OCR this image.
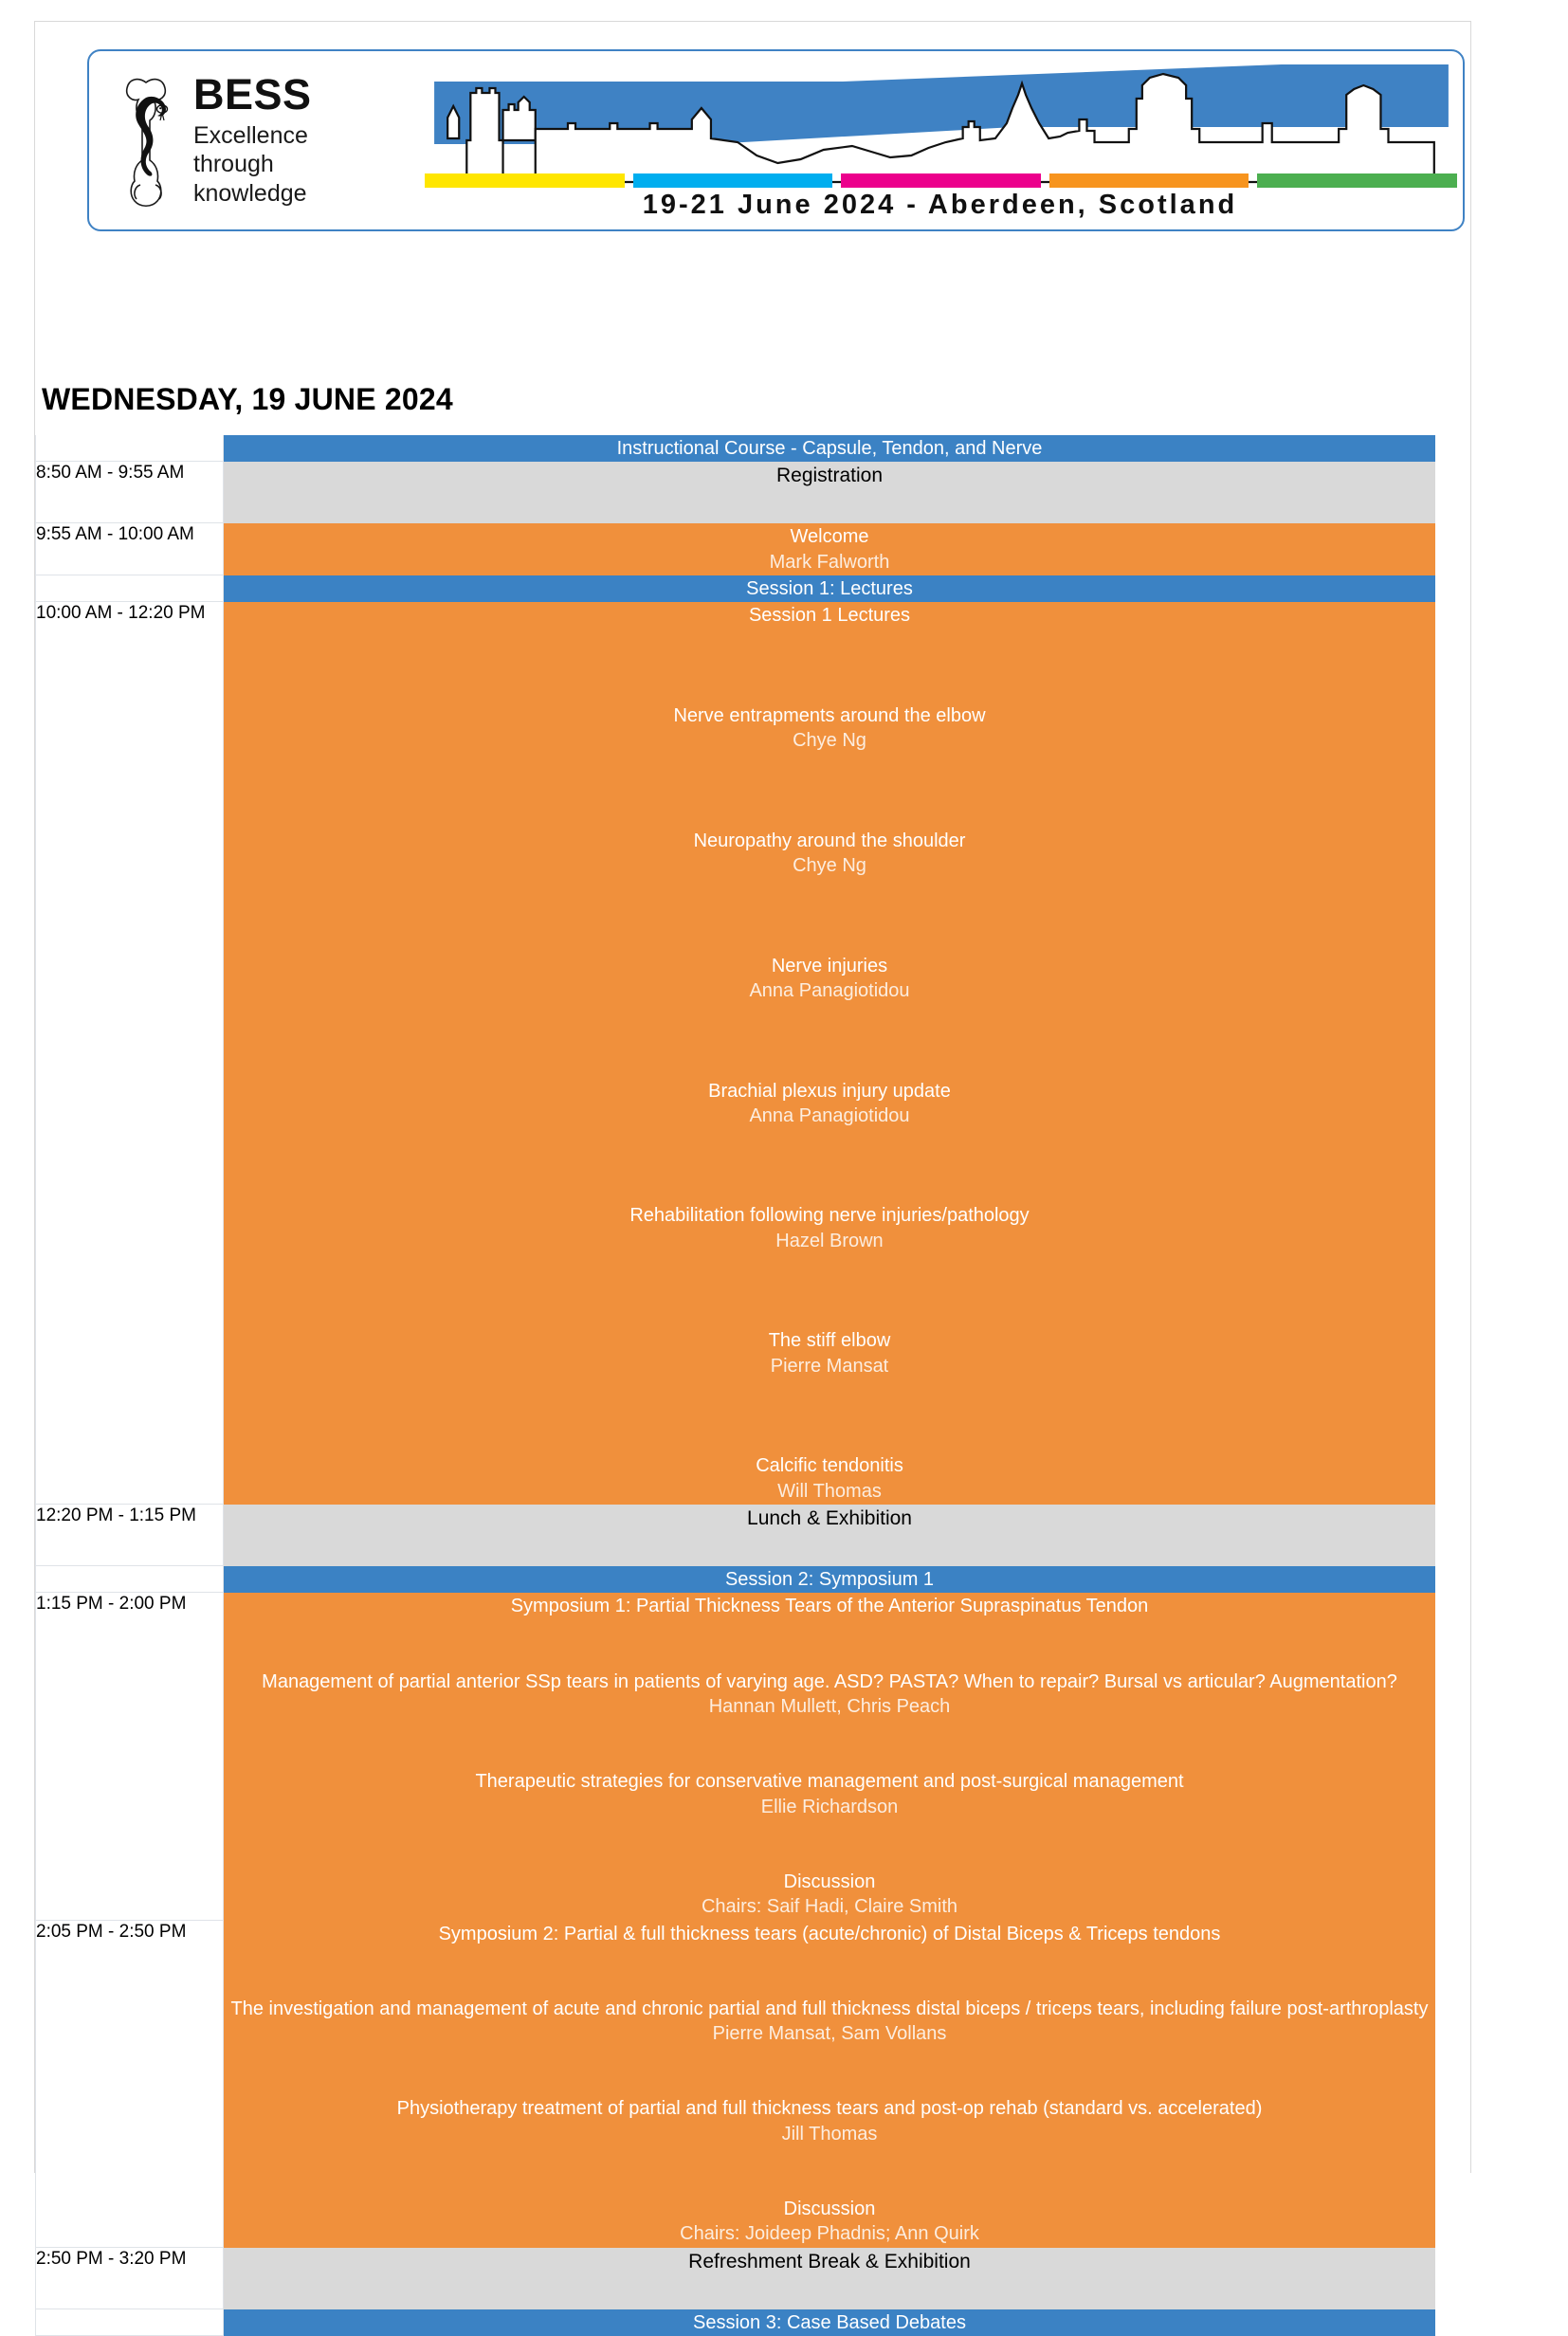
BESS
Excellence
through
knowledge	19-21 June 2024 - Aberdeen, Scotland
WEDNESDAY, 19 JUNE 2024
	Instructional Course - Capsule, Tendon, and Nerve
8:50 AM - 9:55 AM	Registration
9:55 AM - 10:00 AM	Welcome
Mark Falworth

	Session 1: Lectures
10:00 AM - 12:20 PM	Session 1 Lectures
Nerve entrapments around the elbow
Chye Ng
Neuropathy around the shoulder
Chye Ng
Nerve injuries
Anna Panagiotidou
Brachial plexus injury update
Anna Panagiotidou
Rehabilitation following nerve injuries/pathology
Hazel Brown
The stiff elbow
Pierre Mansat
Calcific tendonitis
Will Thomas

12:20 PM - 1:15 PM	Lunch & Exhibition
	Session 2: Symposium 1
1:15 PM - 2:00 PM	Symposium 1: Partial Thickness Tears of the Anterior Supraspinatus Tendon
Management of partial anterior SSp tears in patients of varying age. ASD? PASTA? When to repair? Bursal vs articular? Augmentation?
Hannan Mullett, Chris Peach
Therapeutic strategies for conservative management and post-surgical management
Ellie Richardson
Discussion
Chairs: Saif Hadi, Claire Smith

2:05 PM - 2:50 PM	Symposium 2: Partial & full thickness tears (acute/chronic) of Distal Biceps & Triceps tendons
The investigation and management of acute and chronic partial and full thickness distal biceps / triceps tears, including failure post-arthroplasty
Pierre Mansat, Sam Vollans
Physiotherapy treatment of partial and full thickness tears and post-op rehab (standard vs. accelerated)
Jill Thomas
Discussion
Chairs: Joideep Phadnis; Ann Quirk

2:50 PM - 3:20 PM	Refreshment Break & Exhibition
	Session 3: Case Based Debates
